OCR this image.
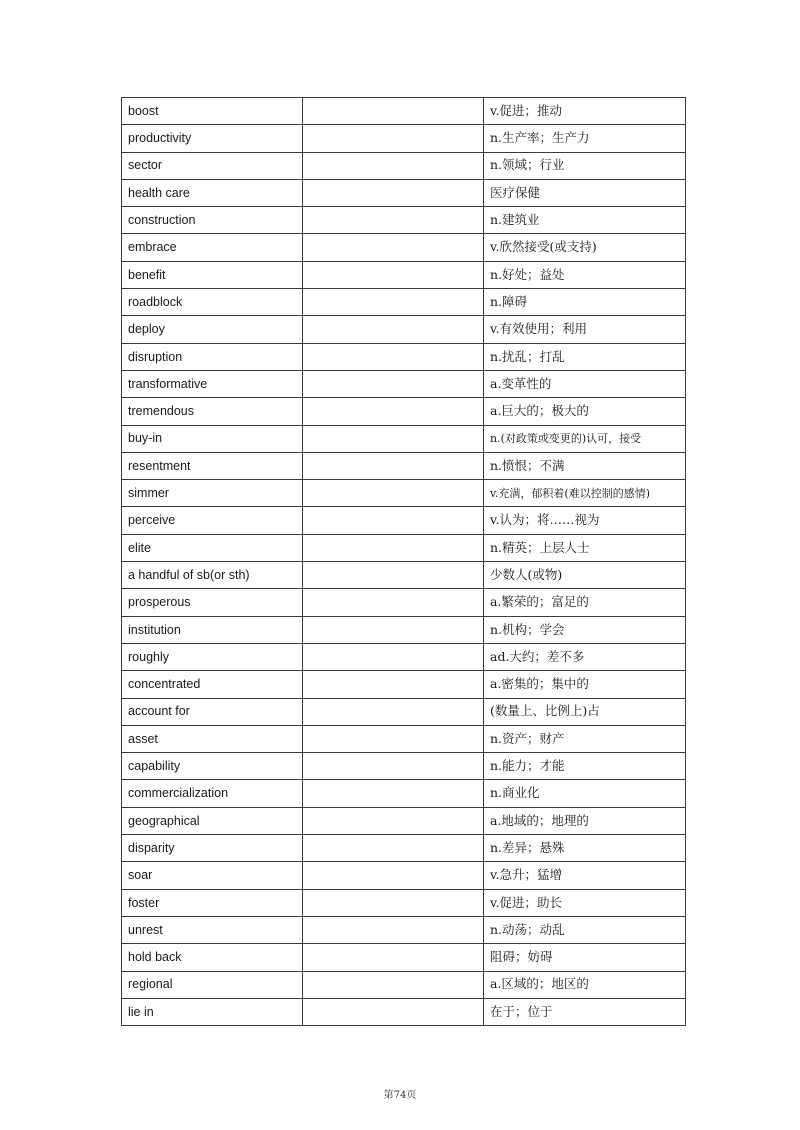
boost		v.促进；推动
productivity		n.生产率；生产力
sector		n.领域；行业
health care		医疗保健
construction		n.建筑业
embrace		v.欣然接受(或支持)
benefit		n.好处；益处
roadblock		n.障碍
deploy		v.有效使用；利用
disruption		n.扰乱；打乱
transformative		a.变革性的
tremendous		a.巨大的；极大的
buy-in		n.(对政策或变更的)认可，接受
resentment		n.愤恨；不满
simmer		v.充满，郁积着(难以控制的感情)
perceive		v.认为；将……视为
elite		n.精英；上层人士
a handful of sb(or sth)		少数人(或物)
prosperous		a.繁荣的；富足的
institution		n.机构；学会
roughly		ad.大约；差不多
concentrated		a.密集的；集中的
account for		(数量上、比例上)占
asset		n.资产；财产
capability		n.能力；才能
commercialization		n.商业化
geographical		a.地域的；地理的
disparity		n.差异；悬殊
soar		v.急升；猛增
foster		v.促进；助长
unrest		n.动荡；动乱
hold back		阻碍；妨碍
regional		a.区域的；地区的
lie in		在于；位于
第74页
